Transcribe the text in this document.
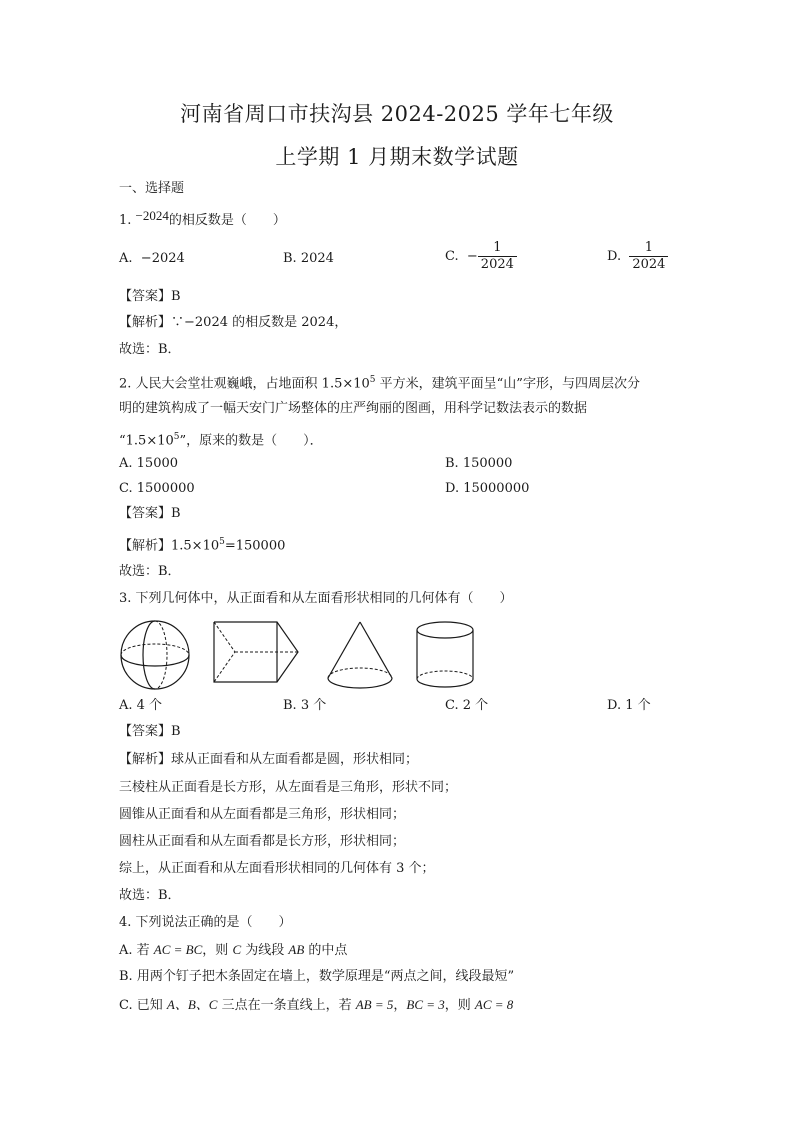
河南省周口市扶沟县 2024-2025 学年七年级
上学期 1 月期末数学试题
一、选择题
1. −2024的相反数是（　　）
A. −2024	B. 2024	C. − $\frac{1}{2024}$	D. $\frac{1}{2024}$
【答案】B
【解析】∵−2024 的相反数是 2024，
故选：B．
2. 人民大会堂壮观巍峨，占地面积 $1.5\times 10^5$ 平方米，建筑平面呈“山”字形，与四周层次分
明的建筑构成了一幅天安门广场整体的庄严绚丽的图画，用科学记数法表示的数据
“$1.5\times 10^5$”，原来的数是（　　）．
A. 15000	B. 150000
C. 1500000	D. 15000000
【答案】B
【解析】$1.5\times 10^5=150000$
故选：B．
3. 下列几何体中，从正面看和从左面看形状相同的几何体有（　　）
A. 4 个	B. 3 个	C. 2 个	D. 1 个
【答案】B
【解析】球从正面看和从左面看都是圆，形状相同；
三棱柱从正面看是长方形，从左面看是三角形，形状不同；
圆锥从正面看和从左面看都是三角形，形状相同；
圆柱从正面看和从左面看都是长方形，形状相同；
综上，从正面看和从左面看形状相同的几何体有 3 个；
故选：B．
4. 下列说法正确的是（　　）
A. 若 AC = BC，则 C 为线段 AB 的中点
B. 用两个钉子把木条固定在墙上，数学原理是“两点之间，线段最短”
C. 已知 A、B、C 三点在一条直线上，若 AB = 5，BC = 3，则 AC = 8
